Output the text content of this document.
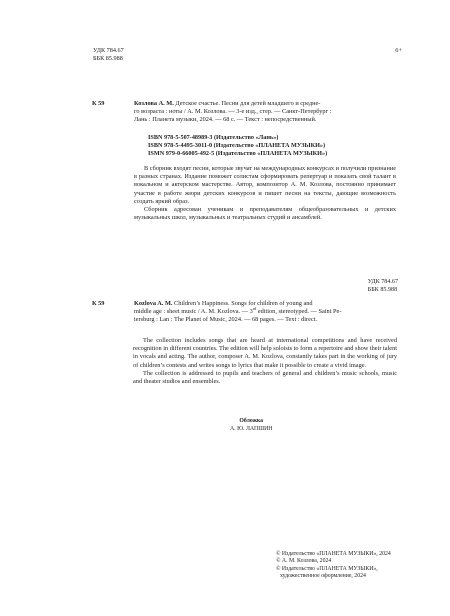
УДК 784.67
ББК 85.988
6+
К 59	Козлова А. М. Детское счастье. Песни для детей младшего и средне-
го возраста : ноты / А. М. Козлова. — 3-е изд., стер. — Санкт-Петербург :
Лань : Планета музыки, 2024. — 68 с. — Текст : непосредственный.
ISBN 978-5-507-48989-3 (Издательство «Лань»)
ISBN 978-5-4495-3011-0 (Издательство «ПЛАНЕТА МУЗЫКИ»)
ISMN 979-0-66005-492-5 (Издательство «ПЛАНЕТА МУЗЫКИ»)

В сборник входят песни, которые звучат на международных конкурсах и получили признание в разных странах. Издание поможет солистам сформировать репертуар и показать свой талант в вокальном и актерском мастерстве. Автор, композитор А. М. Козлова, постоянно принимает участие в работе жюри детских конкурсов и пишет песни на тексты, дающие возможность создать яркий образ.

Сборник адресован ученикам и преподавателям общеобразовательных и детских музыкальных школ, музыкальных и театральных студий и ансамблей.

УДК 784.67
ББК 85.988
К 59	Kozlova A. M. Children’s Happiness. Songs for children of young and
middle age : sheet music / A. M. Kozlova. — 3rd edition, stereotyped. — Saint Pe-
tersburg : Lan : The Planet of Music, 2024. — 68 pages. — Text : direct.

The collection includes songs that are heard at international competitions and have received recognition in different countries. The edition will help soloists to form a repertoire and show their talent in vocals and acting. The author, composer A. M. Kozlova, constantly takes part in the working of jury of children’s contests and writes songs to lyrics that make it possible to create a vivid image.

The collection is addressed to pupils and teachers of general and children’s music schools, music and theater studios and ensembles.

Обложка
А. Ю. ЛАПШИН
© Издательство «ПЛАНЕТА МУЗЫКИ», 2024
© А. М. Козлова, 2024
© Издательство «ПЛАНЕТА МУЗЫКИ»,
художественное оформление, 2024
